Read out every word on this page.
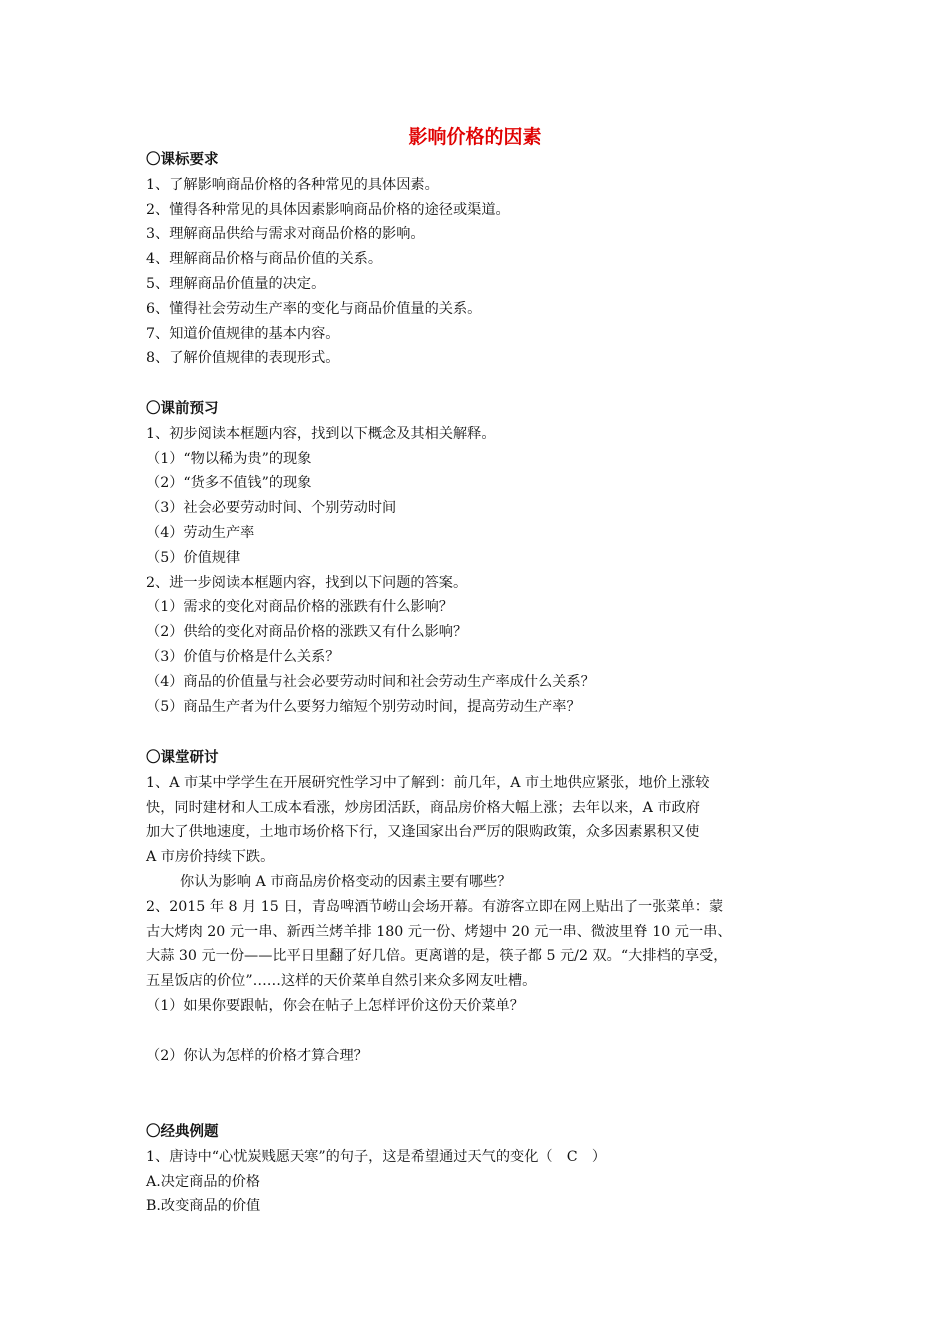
影响价格的因素
〇课标要求
1、了解影响商品价格的各种常见的具体因素。
2、懂得各种常见的具体因素影响商品价格的途径或渠道。
3、理解商品供给与需求对商品价格的影响。
4、理解商品价格与商品价值的关系。
5、理解商品价值量的决定。
6、懂得社会劳动生产率的变化与商品价值量的关系。
7、知道价值规律的基本内容。
8、了解价值规律的表现形式。
〇课前预习
1、初步阅读本框题内容，找到以下概念及其相关解释。
（1）“物以稀为贵”的现象
（2）“货多不值钱”的现象
（3）社会必要劳动时间、个别劳动时间
（4）劳动生产率
（5）价值规律
2、进一步阅读本框题内容，找到以下问题的答案。
（1）需求的变化对商品价格的涨跌有什么影响？
（2）供给的变化对商品价格的涨跌又有什么影响？
（3）价值与价格是什么关系？
（4）商品的价值量与社会必要劳动时间和社会劳动生产率成什么关系？
（5）商品生产者为什么要努力缩短个别劳动时间，提高劳动生产率？
〇课堂研讨
1、A 市某中学学生在开展研究性学习中了解到：前几年，A 市土地供应紧张，地价上涨较
快，同时建材和人工成本看涨，炒房团活跃，商品房价格大幅上涨；去年以来，A 市政府
加大了供地速度，土地市场价格下行，又逢国家出台严厉的限购政策，众多因素累积又使
A 市房价持续下跌。
你认为影响 A 市商品房价格变动的因素主要有哪些？
2、2015 年 8 月 15 日，青岛啤酒节崂山会场开幕。有游客立即在网上贴出了一张菜单：蒙
古大烤肉 20 元一串、新西兰烤羊排 180 元一份、烤翅中 20 元一串、微波里脊 10 元一串、
大蒜 30 元一份——比平日里翻了好几倍。更离谱的是，筷子都 5 元/2 双。“大排档的享受，
五星饭店的价位”……这样的天价菜单自然引来众多网友吐槽。
（1）如果你要跟帖，你会在帖子上怎样评价这份天价菜单？
（2）你认为怎样的价格才算合理？
〇经典例题
1、唐诗中“心忧炭贱愿天寒”的句子，这是希望通过天气的变化（　C　）
A.决定商品的价格
B.改变商品的价值
